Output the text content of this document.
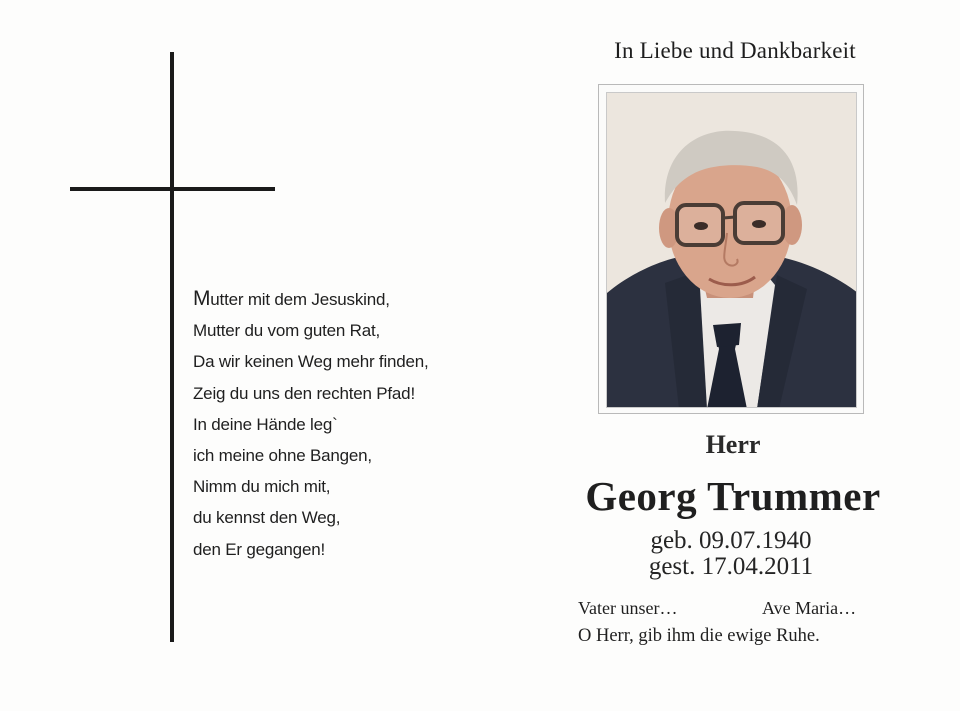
Mutter mit dem Jesuskind,
Mutter du vom guten Rat,
Da wir keinen Weg mehr finden,
Zeig du uns den rechten Pfad!
In deine Hände leg`
ich meine ohne Bangen,
Nimm du mich mit,
du kennst den Weg,
den Er gegangen!
In Liebe und Dankbarkeit
Herr
Georg Trummer
geb. 09.07.1940
gest. 17.04.2011
Vater unser…	Ave Maria…
O Herr, gib ihm die ewige Ruhe.
